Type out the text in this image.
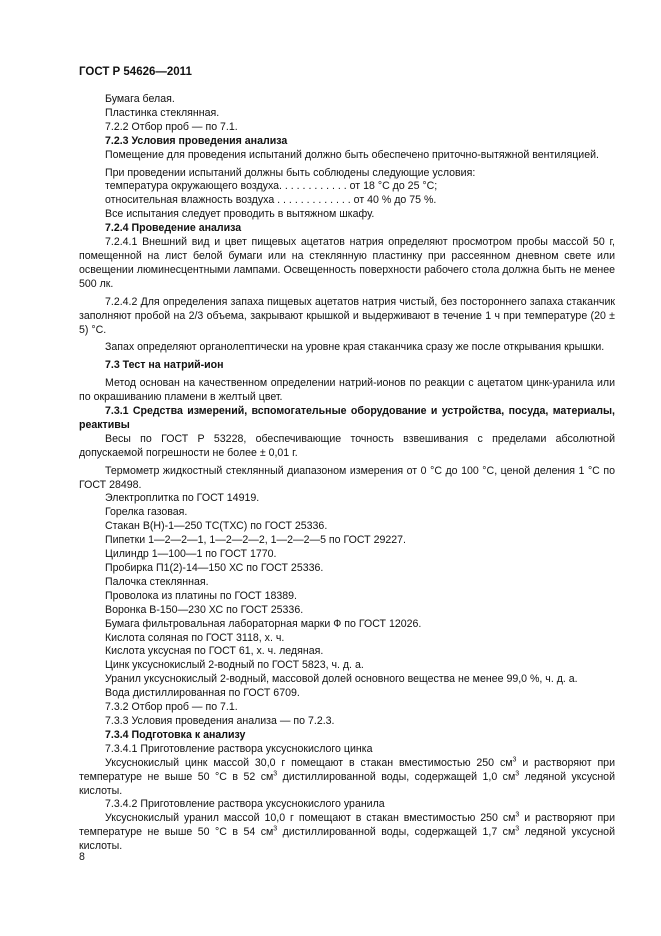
ГОСТ Р 54626—2011

Бумага белая.

Пластинка стеклянная.

7.2.2 Отбор проб — по 7.1.

7.2.3 Условия проведения анализа

Помещение для проведения испытаний должно быть обеспечено приточно-вытяжной вентиляцией.

При проведении испытаний должны быть соблюдены следующие условия:

температура окружающего воздуха. . . . . . . . . . . . от 18 °С до 25 °С;

относительная влажность воздуха . . . . . . . . . . . . . от 40 % до 75 %.

Все испытания следует проводить в вытяжном шкафу.

7.2.4 Проведение анализа

7.2.4.1 Внешний вид и цвет пищевых ацетатов натрия определяют просмотром пробы массой 50 г, помещенной на лист белой бумаги или на стеклянную пластинку при рассеянном дневном свете или освещении люминесцентными лампами. Освещенность поверхности рабочего стола должна быть не менее 500 лк.

7.2.4.2 Для определения запаха пищевых ацетатов натрия чистый, без постороннего запаха стаканчик заполняют пробой на 2/3 объема, закрывают крышкой и выдерживают в течение 1 ч при температуре (20 ± 5) °С.

Запах определяют органолептически на уровне края стаканчика сразу же после открывания крышки.

7.3 Тест на натрий-ион

Метод основан на качественном определении натрий-ионов по реакции с ацетатом цинк-уранила или по окрашиванию пламени в желтый цвет.

7.3.1 Средства измерений, вспомогательные оборудование и устройства, посуда, материалы, реактивы

Весы по ГОСТ Р 53228, обеспечивающие точность взвешивания с пределами абсолютной допускаемой погрешности не более ± 0,01 г.

Термометр жидкостный стеклянный диапазоном измерения от 0 °С до 100 °С, ценой деления 1 °С по ГОСТ 28498.

Электроплитка по ГОСТ 14919.

Горелка газовая.

Стакан В(Н)-1—250 ТС(ТХС) по ГОСТ 25336.

Пипетки 1—2—2—1, 1—2—2—2, 1—2—2—5 по ГОСТ 29227.

Цилиндр 1—100—1 по ГОСТ 1770.

Пробирка П1(2)-14—150 ХС по ГОСТ 25336.

Палочка стеклянная.

Проволока из платины по ГОСТ 18389.

Воронка В-150—230 ХС по ГОСТ 25336.

Бумага фильтровальная лабораторная марки Ф по ГОСТ 12026.

Кислота соляная по ГОСТ 3118, х. ч.

Кислота уксусная по ГОСТ 61, х. ч. ледяная.

Цинк уксуснокислый 2-водный по ГОСТ 5823, ч. д. а.

Уранил уксуснокислый 2-водный, массовой долей основного вещества не менее 99,0 %, ч. д. а.

Вода дистиллированная по ГОСТ 6709.

7.3.2 Отбор проб — по 7.1.

7.3.3 Условия проведения анализа — по 7.2.3.

7.3.4 Подготовка к анализу

7.3.4.1 Приготовление раствора уксуснокислого цинка

Уксуснокислый цинк массой 30,0 г помещают в стакан вместимостью 250 $см^3$ и растворяют при температуре не выше 50 °С в 52 $см^3$ дистиллированной воды, содержащей 1,0 $см^3$ ледяной уксусной кислоты.

7.3.4.2 Приготовление раствора уксуснокислого уранила

Уксуснокислый уранил массой 10,0 г помещают в стакан вместимостью 250 $см^3$ и растворяют при температуре не выше 50 °С в 54 $см^3$ дистиллированной воды, содержащей 1,7 $см^3$ ледяной уксусной кислоты.

8
